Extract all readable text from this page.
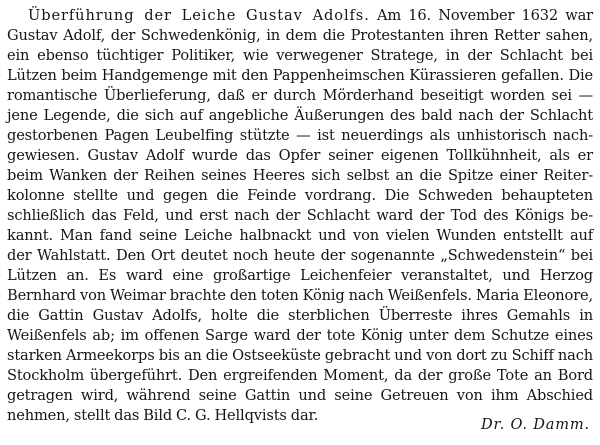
Überführung der Leiche Gustav Adolfs. Am 16. November 1632 war
Gustav Adolf, der Schwedenkönig, in dem die Protestanten ihren Retter sahen,
ein ebenso tüchtiger Politiker, wie verwegener Stratege, in der Schlacht bei
Lützen beim Handgemenge mit den Pappenheimschen Kürassieren gefallen. Die
romantische Überlieferung, daß er durch Mörderhand beseitigt worden sei —
jene Legende, die sich auf angebliche Äußerungen des bald nach der Schlacht
gestorbenen Pagen Leubelfing stützte — ist neuerdings als unhistorisch nach-
gewiesen. Gustav Adolf wurde das Opfer seiner eigenen Tollkühnheit, als er
beim Wanken der Reihen seines Heeres sich selbst an die Spitze einer Reiter-
kolonne stellte und gegen die Feinde vordrang. Die Schweden behaupteten
schließlich das Feld, und erst nach der Schlacht ward der Tod des Königs be-
kannt. Man fand seine Leiche halbnackt und von vielen Wunden entstellt auf
der Wahlstatt. Den Ort deutet noch heute der sogenannte „Schwedenstein“ bei
Lützen an. Es ward eine großartige Leichenfeier veranstaltet, und Herzog
Bernhard von Weimar brachte den toten König nach Weißenfels. Maria Eleonore,
die Gattin Gustav Adolfs, holte die sterblichen Überreste ihres Gemahls in
Weißenfels ab; im offenen Sarge ward der tote König unter dem Schutze eines
starken Armeekorps bis an die Ostseeküste gebracht und von dort zu Schiff nach
Stockholm übergeführt. Den ergreifenden Moment, da der große Tote an Bord
getragen wird, während seine Gattin und seine Getreuen von ihm Abschied
nehmen, stellt das Bild C. G. Hellqvists dar.
Dr. O. Damm.
